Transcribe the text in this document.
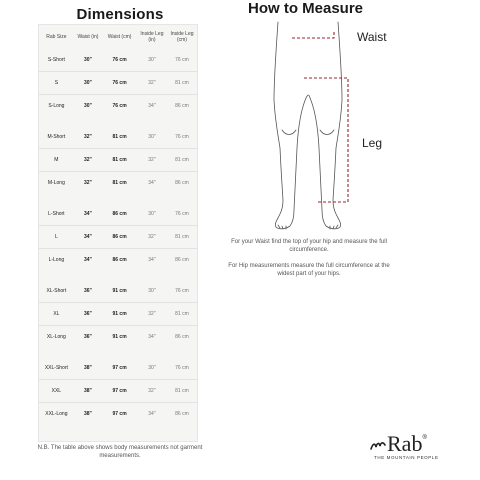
Dimensions
Rab Size	Waist (in)	Waist (cm)	Inside Leg (in)	Inside Leg (cm)
S-Short	30"	76 cm	30"	76 cm
S	30"	76 cm	32"	81 cm
S-Long	30"	76 cm	34"	86 cm

M-Short	32"	81 cm	30"	76 cm
M	32"	81 cm	32"	81 cm
M-Long	32"	81 cm	34"	86 cm

L-Short	34"	86 cm	30"	76 cm
L	34"	86 cm	32"	81 cm
L-Long	34"	86 cm	34"	86 cm

XL-Short	36"	91 cm	30"	76 cm
XL	36"	91 cm	32"	81 cm
XL-Long	36"	91 cm	34"	86 cm

XXL-Short	38"	97 cm	30"	76 cm
XXL	38"	97 cm	32"	81 cm
XXL-Long	38"	97 cm	34"	86 cm
N.B. The table above shows body measurements not garment measurements.
How to Measure
Waist
Leg
For your Waist find the top of your hip and measure the full circumference.
For Hip measurements measure the full circumference at the widest part of your hips.
Rab ®
THE MOUNTAIN PEOPLE
